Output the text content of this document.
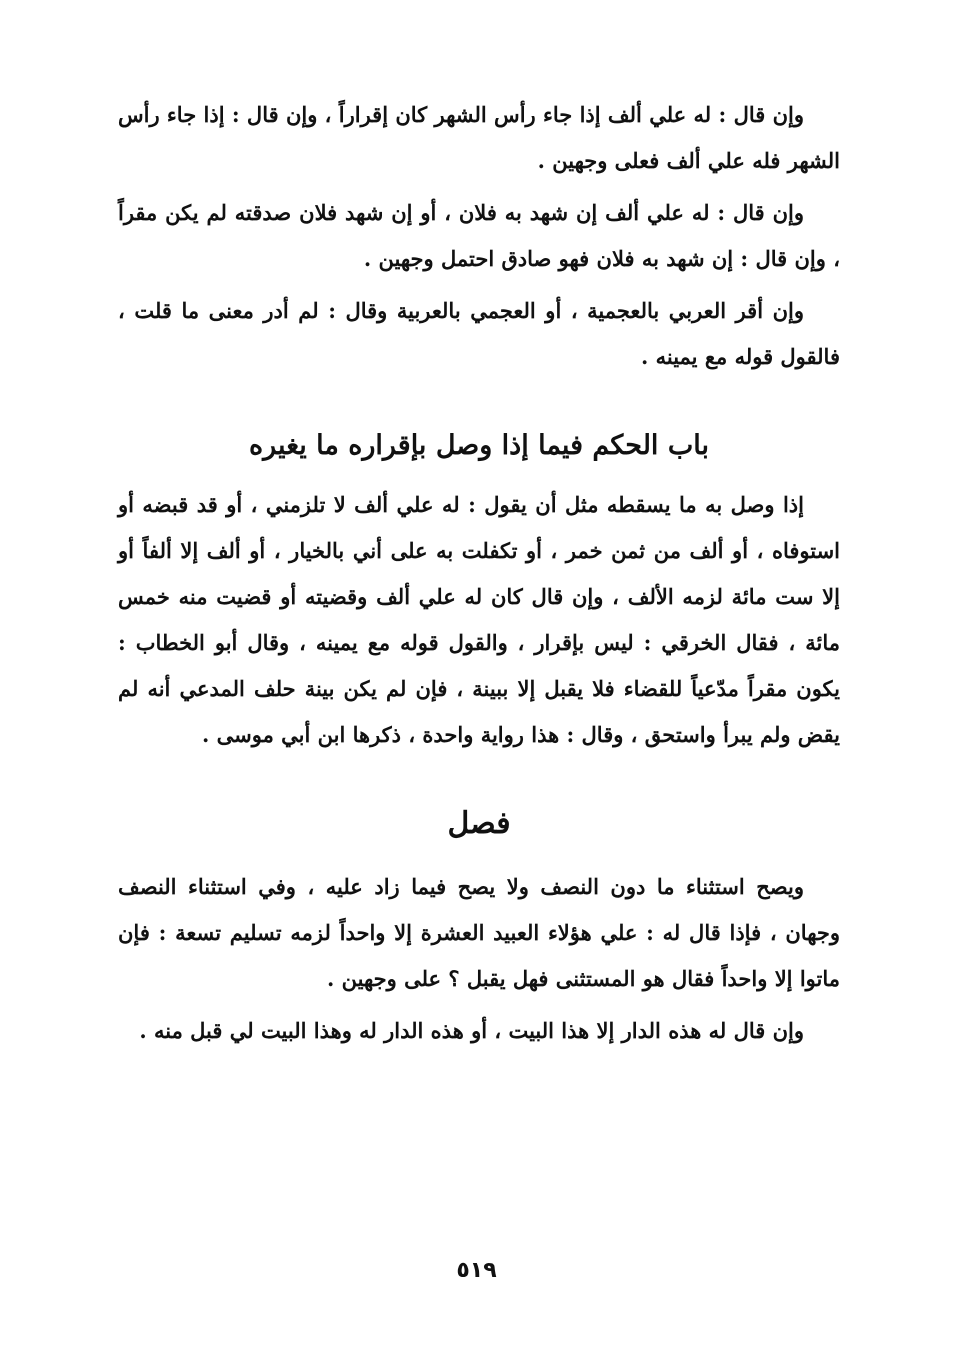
وإن قال : له علي ألف إذا جاء رأس الشهر كان إقراراً ، وإن قال : إذا جاء رأس الشهر فله علي ألف فعلى وجهين .

وإن قال : له علي ألف إن شهد به فلان ، أو إن شهد فلان صدقته لم يكن مقراً ، وإن قال : إن شهد به فلان فهو صادق احتمل وجهين .

وإن أقر العربي بالعجمية ، أو العجمي بالعربية وقال : لم أدر معنى ما قلت ، فالقول قوله مع يمينه .

باب الحكم فيما إذا وصل بإقراره ما يغيره

إذا وصل به ما يسقطه مثل أن يقول : له علي ألف لا تلزمني ، أو قد قبضه أو استوفاه ، أو ألف من ثمن خمر ، أو تكفلت به على أني بالخيار ، أو ألف إلا ألفاً أو إلا ست مائة لزمه الألف ، وإن قال كان له علي ألف وقضيته أو قضيت منه خمس مائة ، فقال الخرقي : ليس بإقرار ، والقول قوله مع يمينه ، وقال أبو الخطاب : يكون مقراً مدّعياً للقضاء فلا يقبل إلا ببينة ، فإن لم يكن بينة حلف المدعي أنه لم يقض ولم يبرأ واستحق ، وقال : هذا رواية واحدة ، ذكرها ابن أبي موسى .

فصل

ويصح استثناء ما دون النصف ولا يصح فيما زاد عليه ، وفي استثناء النصف وجهان ، فإذا قال له : علي هؤلاء العبيد العشرة إلا واحداً لزمه تسليم تسعة : فإن ماتوا إلا واحداً فقال هو المستثنى فهل يقبل ؟ على وجهين .

وإن قال له هذه الدار إلا هذا البيت ، أو هذه الدار له وهذا البيت لي قبل منه .

٥١٩
